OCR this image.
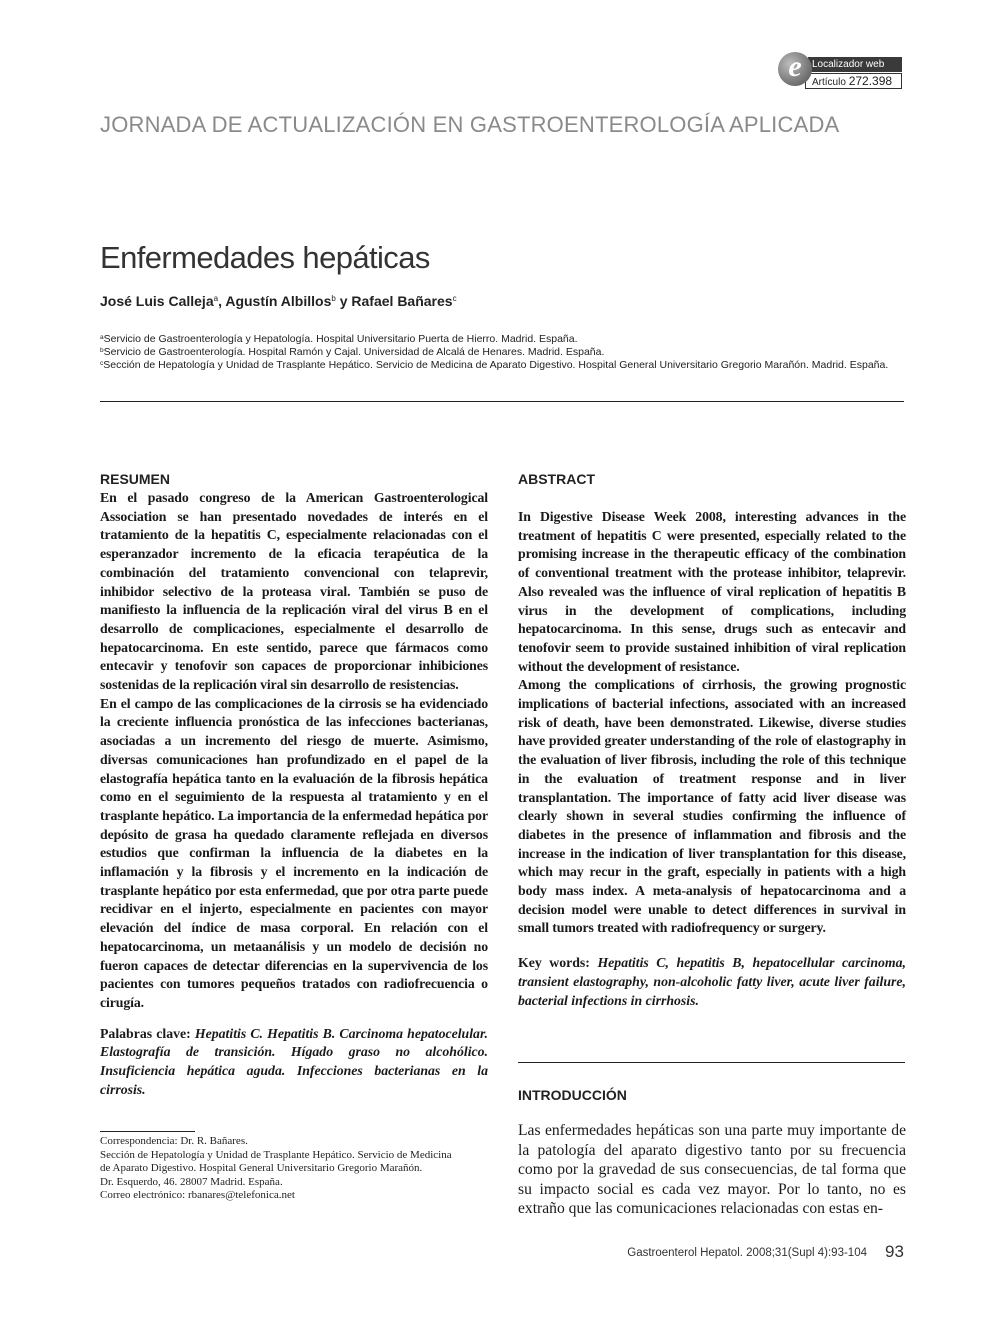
e	Localizador web
Artículo 272.398
JORNADA DE ACTUALIZACIÓN EN GASTROENTEROLOGÍA APLICADA
Enfermedades hepáticas
José Luis Calleja$^a$, Agustín Albillos$^b$ y Rafael Bañares$^c$
$^a$Servicio de Gastroenterología y Hepatología. Hospital Universitario Puerta de Hierro. Madrid. España.
$^b$Servicio de Gastroenterología. Hospital Ramón y Cajal. Universidad de Alcalá de Henares. Madrid. España.
$^c$Sección de Hepatología y Unidad de Trasplante Hepático. Servicio de Medicina de Aparato Digestivo. Hospital General Universitario Gregorio Marañón. Madrid. España.
RESUMEN

En el pasado congreso de la American Gastroenterological Association se han presentado novedades de interés en el tratamiento de la hepatitis C, especialmente relacionadas con el esperanzador incremento de la eficacia terapéutica de la combinación del tratamiento convencional con telaprevir, inhibidor selectivo de la proteasa viral. También se puso de manifiesto la influencia de la replicación viral del virus B en el desarrollo de complicaciones, especialmente el desarrollo de hepatocarcinoma. En este sentido, parece que fármacos como entecavir y tenofovir son capaces de proporcionar inhibiciones sostenidas de la replicación viral sin desarrollo de resistencias.

En el campo de las complicaciones de la cirrosis se ha evidenciado la creciente influencia pronóstica de las infecciones bacterianas, asociadas a un incremento del riesgo de muerte. Asimismo, diversas comunicaciones han profundizado en el papel de la elastografía hepática tanto en la evaluación de la fibrosis hepática como en el seguimiento de la respuesta al tratamiento y en el trasplante hepático. La importancia de la enfermedad hepática por depósito de grasa ha quedado claramente reflejada en diversos estudios que confirman la influencia de la diabetes en la inflamación y la fibrosis y el incremento en la indicación de trasplante hepático por esta enfermedad, que por otra parte puede recidivar en el injerto, especialmente en pacientes con mayor elevación del índice de masa corporal. En relación con el hepatocarcinoma, un metaanálisis y un modelo de decisión no fueron capaces de detectar diferencias en la supervivencia de los pacientes con tumores pequeños tratados con radiofrecuencia o cirugía.

Palabras clave: Hepatitis C. Hepatitis B. Carcinoma hepatocelular. Elastografía de transición. Hígado graso no alcohólico. Insuficiencia hepática aguda. Infecciones bacterianas en la cirrosis.

ABSTRACT

In Digestive Disease Week 2008, interesting advances in the treatment of hepatitis C were presented, especially related to the promising increase in the therapeutic efficacy of the combination of conventional treatment with the protease inhibitor, telaprevir. Also revealed was the influence of viral replication of hepatitis B virus in the development of complications, including hepatocarcinoma. In this sense, drugs such as entecavir and tenofovir seem to provide sustained inhibition of viral replication without the development of resistance.

Among the complications of cirrhosis, the growing prognostic implications of bacterial infections, associated with an increased risk of death, have been demonstrated. Likewise, diverse studies have provided greater understanding of the role of elastography in the evaluation of liver fibrosis, including the role of this technique in the evaluation of treatment response and in liver transplantation. The importance of fatty acid liver disease was clearly shown in several studies confirming the influence of diabetes in the presence of inflammation and fibrosis and the increase in the indication of liver transplantation for this disease, which may recur in the graft, especially in patients with a high body mass index. A meta-analysis of hepatocarcinoma and a decision model were unable to detect differences in survival in small tumors treated with radiofrequency or surgery.

Key words: Hepatitis C, hepatitis B, hepatocellular carcinoma, transient elastography, non-alcoholic fatty liver, acute liver failure, bacterial infections in cirrhosis.

INTRODUCCIÓN

Las enfermedades hepáticas son una parte muy importante de la patología del aparato digestivo tanto por su frecuencia como por la gravedad de sus consecuencias, de tal forma que su impacto social es cada vez mayor. Por lo tanto, no es extraño que las comunicaciones relacionadas con estas en-

Correspondencia: Dr. R. Bañares.
Sección de Hepatología y Unidad de Trasplante Hepático. Servicio de Medicina de Aparato Digestivo. Hospital General Universitario Gregorio Marañón.
Dr. Esquerdo, 46. 28007 Madrid. España.
Correo electrónico: rbanares@telefonica.net
Gastroenterol Hepatol. 2008;31(Supl 4):93-104 93
